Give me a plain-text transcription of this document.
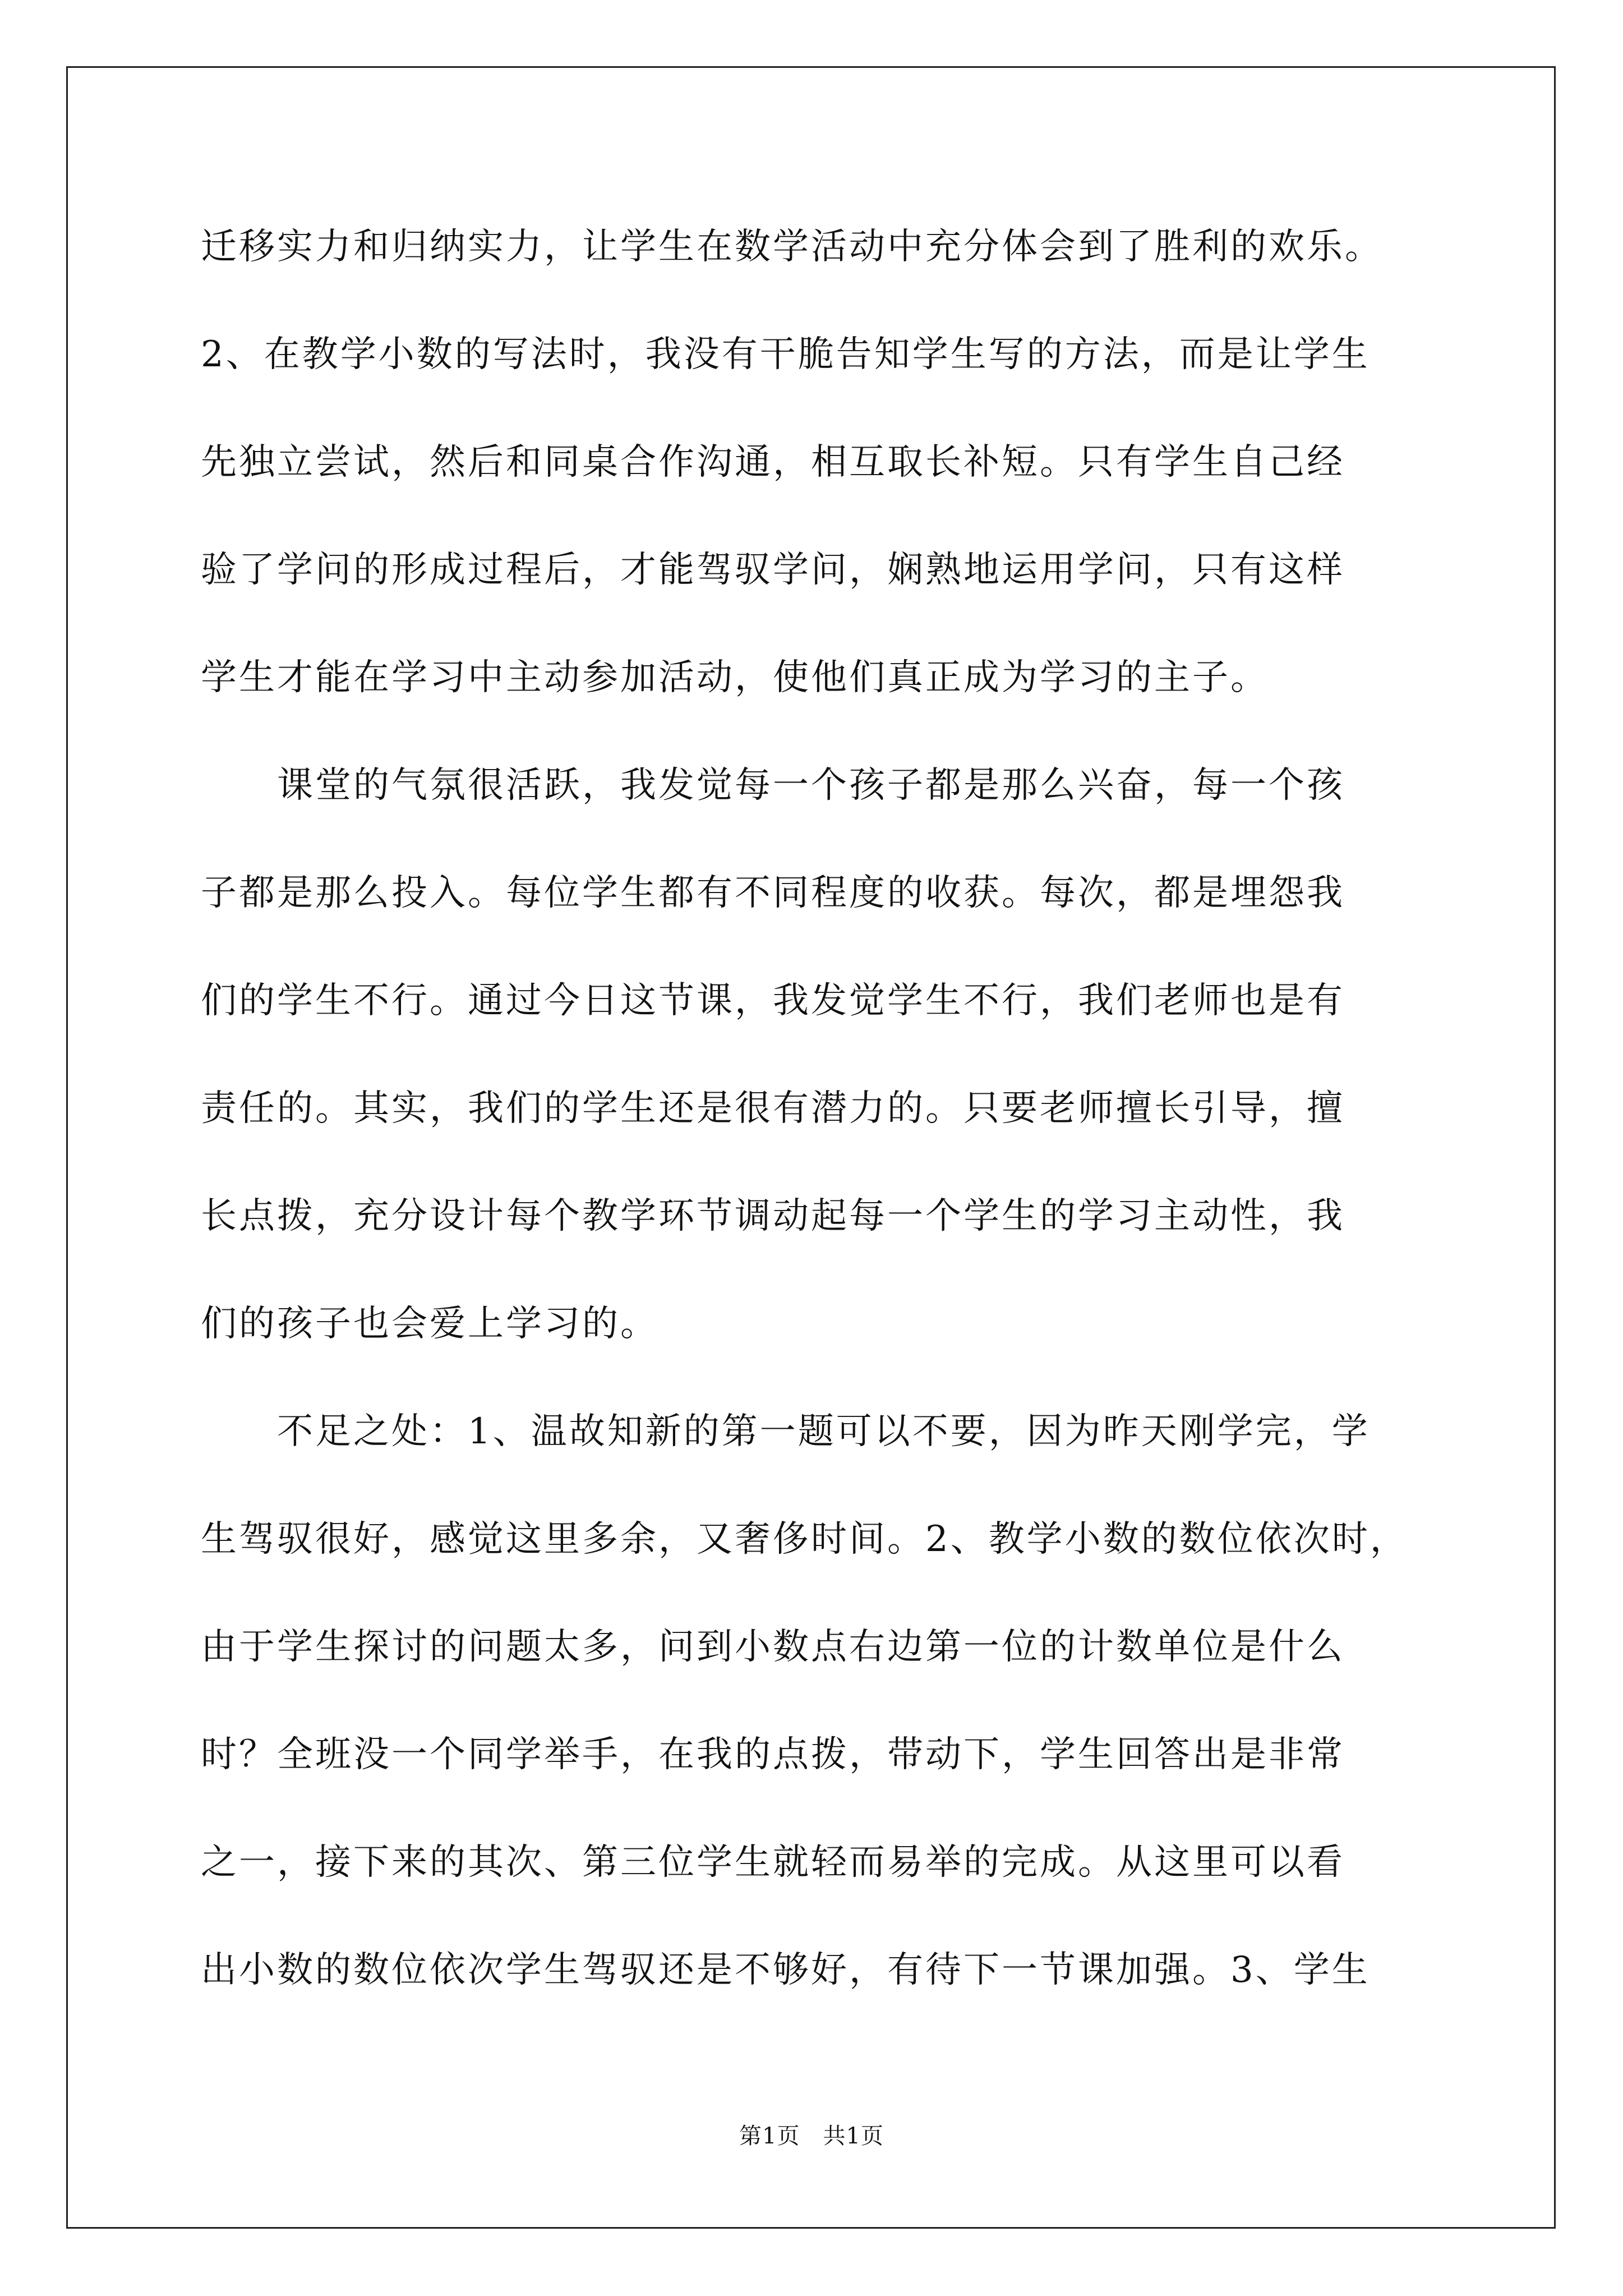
迁移实力和归纳实力，让学生在数学活动中充分体会到了胜利的欢乐。
2、在教学小数的写法时，我没有干脆告知学生写的方法，而是让学生
先独立尝试，然后和同桌合作沟通，相互取长补短。只有学生自己经
验了学问的形成过程后，才能驾驭学问，娴熟地运用学问，只有这样
学生才能在学习中主动参加活动，使他们真正成为学习的主子。
　　课堂的气氛很活跃，我发觉每一个孩子都是那么兴奋，每一个孩
子都是那么投入。每位学生都有不同程度的收获。每次，都是埋怨我
们的学生不行。通过今日这节课，我发觉学生不行，我们老师也是有
责任的。其实，我们的学生还是很有潜力的。只要老师擅长引导，擅
长点拨，充分设计每个教学环节调动起每一个学生的学习主动性，我
们的孩子也会爱上学习的。
　　不足之处：1、温故知新的第一题可以不要，因为昨天刚学完，学
生驾驭很好，感觉这里多余，又奢侈时间。2、教学小数的数位依次时，
由于学生探讨的问题太多，问到小数点右边第一位的计数单位是什么
时？全班没一个同学举手，在我的点拨，带动下，学生回答出是非常
之一，接下来的其次、第三位学生就轻而易举的完成。从这里可以看
出小数的数位依次学生驾驭还是不够好，有待下一节课加强。3、学生
第1页　共1页
